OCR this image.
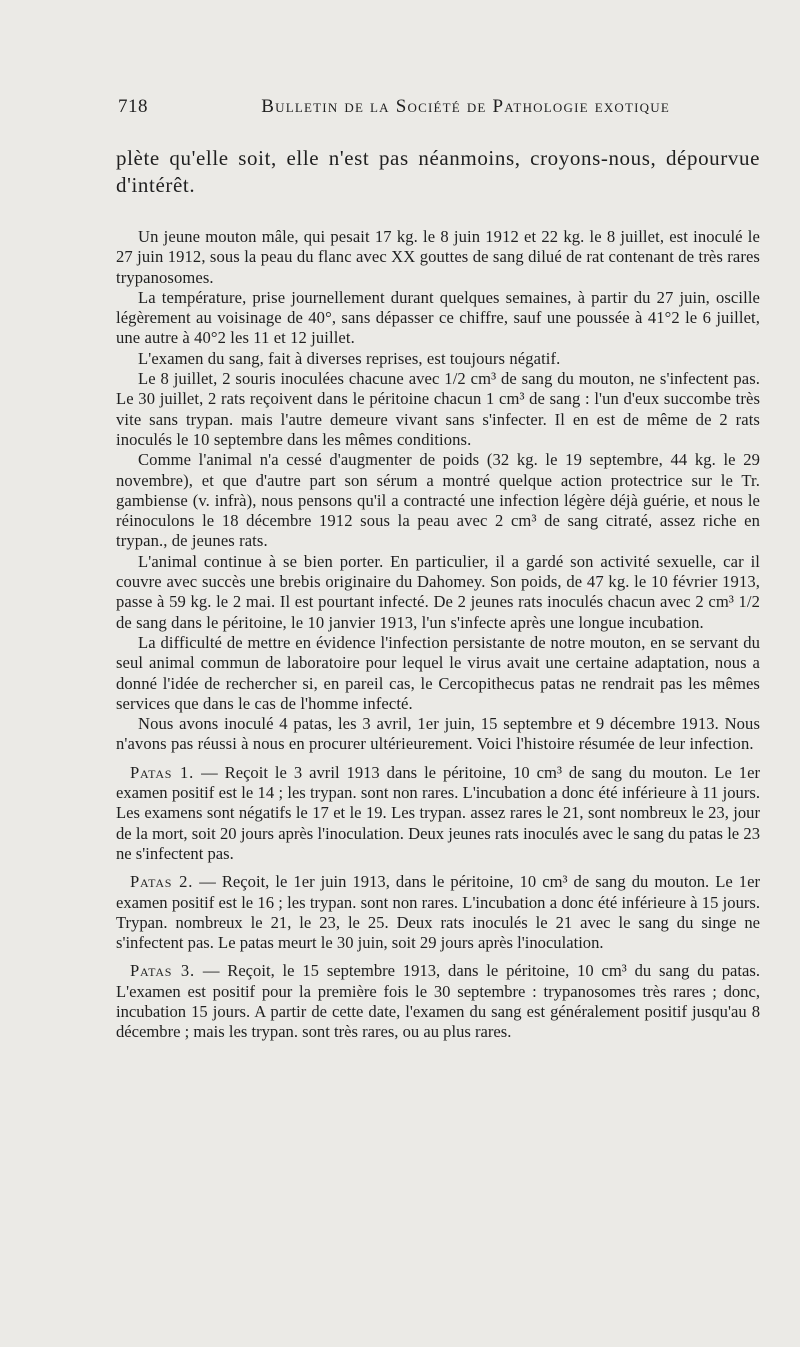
718	Bulletin de la Société de Pathologie exotique

plète qu'elle soit, elle n'est pas néanmoins, croyons-nous, dépourvue d'intérêt.

Un jeune mouton mâle, qui pesait 17 kg. le 8 juin 1912 et 22 kg. le 8 juillet, est inoculé le 27 juin 1912, sous la peau du flanc avec XX gouttes de sang dilué de rat contenant de très rares trypanosomes.

La température, prise journellement durant quelques semaines, à partir du 27 juin, oscille légèrement au voisinage de 40°, sans dépasser ce chiffre, sauf une poussée à 41°2 le 6 juillet, une autre à 40°2 les 11 et 12 juillet.

L'examen du sang, fait à diverses reprises, est toujours négatif.

Le 8 juillet, 2 souris inoculées chacune avec 1/2 cm³ de sang du mouton, ne s'infectent pas. Le 30 juillet, 2 rats reçoivent dans le péritoine chacun 1 cm³ de sang : l'un d'eux succombe très vite sans trypan. mais l'autre demeure vivant sans s'infecter. Il en est de même de 2 rats inoculés le 10 septembre dans les mêmes conditions.

Comme l'animal n'a cessé d'augmenter de poids (32 kg. le 19 septembre, 44 kg. le 29 novembre), et que d'autre part son sérum a montré quelque action protectrice sur le Tr. gambiense (v. infrà), nous pensons qu'il a contracté une infection légère déjà guérie, et nous le réinoculons le 18 décembre 1912 sous la peau avec 2 cm³ de sang citraté, assez riche en trypan., de jeunes rats.

L'animal continue à se bien porter. En particulier, il a gardé son activité sexuelle, car il couvre avec succès une brebis originaire du Dahomey. Son poids, de 47 kg. le 10 février 1913, passe à 59 kg. le 2 mai. Il est pourtant infecté. De 2 jeunes rats inoculés chacun avec 2 cm³ 1/2 de sang dans le péritoine, le 10 janvier 1913, l'un s'infecte après une longue incubation.

La difficulté de mettre en évidence l'infection persistante de notre mouton, en se servant du seul animal commun de laboratoire pour lequel le virus avait une certaine adaptation, nous a donné l'idée de rechercher si, en pareil cas, le Cercopithecus patas ne rendrait pas les mêmes services que dans le cas de l'homme infecté.

Nous avons inoculé 4 patas, les 3 avril, 1er juin, 15 septembre et 9 décembre 1913. Nous n'avons pas réussi à nous en procurer ultérieurement. Voici l'histoire résumée de leur infection.

Patas 1. — Reçoit le 3 avril 1913 dans le péritoine, 10 cm³ de sang du mouton. Le 1er examen positif est le 14 ; les trypan. sont non rares. L'incubation a donc été inférieure à 11 jours. Les examens sont négatifs le 17 et le 19. Les trypan. assez rares le 21, sont nombreux le 23, jour de la mort, soit 20 jours après l'inoculation. Deux jeunes rats inoculés avec le sang du patas le 23 ne s'infectent pas.

Patas 2. — Reçoit, le 1er juin 1913, dans le péritoine, 10 cm³ de sang du mouton. Le 1er examen positif est le 16 ; les trypan. sont non rares. L'incubation a donc été inférieure à 15 jours. Trypan. nombreux le 21, le 23, le 25. Deux rats inoculés le 21 avec le sang du singe ne s'infectent pas. Le patas meurt le 30 juin, soit 29 jours après l'inoculation.

Patas 3. — Reçoit, le 15 septembre 1913, dans le péritoine, 10 cm³ du sang du patas. L'examen est positif pour la première fois le 30 septembre : trypanosomes très rares ; donc, incubation 15 jours. A partir de cette date, l'examen du sang est généralement positif jusqu'au 8 décembre ; mais les trypan. sont très rares, ou au plus rares.
